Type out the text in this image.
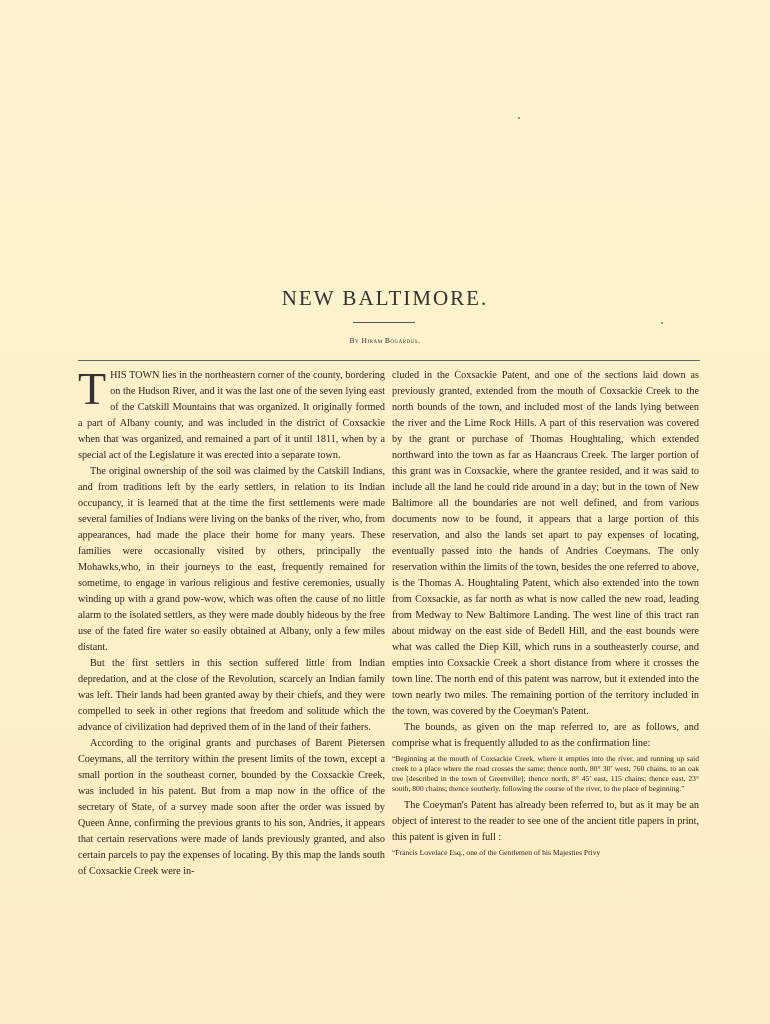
NEW BALTIMORE.
By Hiram Bogardus.

THIS TOWN lies in the northeastern corner of the county, bordering on the Hudson River, and it was the last one of the seven lying east of the Catskill Mountains that was organized. It originally formed a part of Albany county, and was included in the district of Coxsackie when that was organized, and remained a part of it until 1811, when by a special act of the Legislature it was erected into a separate town.

The original ownership of the soil was claimed by the Catskill Indians, and from traditions left by the early settlers, in relation to its Indian occupancy, it is learned that at the time the first settlements were made several families of Indians were living on the banks of the river, who, from appearances, had made the place their home for many years. These families were occasionally visited by others, principally the Mohawks,who, in their journeys to the east, frequently remained for sometime, to engage in various religious and festive ceremonies, usually winding up with a grand pow-wow, which was often the cause of no little alarm to the isolated settlers, as they were made doubly hideous by the free use of the fated fire water so easily obtained at Albany, only a few miles distant.

But the first settlers in this section suffered little from Indian depredation, and at the close of the Revolution, scarcely an Indian family was left. Their lands had been granted away by their chiefs, and they were compelled to seek in other regions that freedom and solitude which the advance of civilization had deprived them of in the land of their fathers.

According to the original grants and purchases of Barent Pietersen Coeymans, all the territory within the present limits of the town, except a small portion in the southeast corner, bounded by the Coxsackie Creek, was included in his patent. But from a map now in the office of the secretary of State, of a survey made soon after the order was issued by Queen Anne, confirming the previous grants to his son, Andries, it appears that certain reservations were made of lands previously granted, and also certain parcels to pay the expenses of locating. By this map the lands south of Coxsackie Creek were in-

cluded in the Coxsackie Patent, and one of the sections laid down as previously granted, extended from the mouth of Coxsackie Creek to the north bounds of the town, and included most of the lands lying between the river and the Lime Rock Hills. A part of this reservation was covered by the grant or purchase of Thomas Houghtaling, which extended northward into the town as far as Haancraus Creek. The larger portion of this grant was in Coxsackie, where the grantee resided, and it was said to include all the land he could ride around in a day; but in the town of New Baltimore all the boundaries are not well defined, and from various documents now to be found, it appears that a large portion of this reservation, and also the lands set apart to pay expenses of locating, eventually passed into the hands of Andries Coeymans. The only reservation within the limits of the town, besides the one referred to above, is the Thomas A. Houghtaling Patent, which also extended into the town from Coxsackie, as far north as what is now called the new road, leading from Medway to New Baltimore Landing. The west line of this tract ran about midway on the east side of Bedell Hill, and the east bounds were what was called the Diep Kill, which runs in a southeasterly course, and empties into Coxsackie Creek a short distance from where it crosses the town line. The north end of this patent was narrow, but it extended into the town nearly two miles. The remaining portion of the territory included in the town, was covered by the Coeyman's Patent.

The bounds, as given on the map referred to, are as follows, and comprise what is frequently alluded to as the confirmation line:

“Beginning at the mouth of Coxsackie Creek, where it empties into the river, and running up said creek to a place where the road crosses the same; thence north, 80° 30’ west, 760 chains, to an oak tree [described in the town of Greenville]; thence north, 8° 45’ east, 115 chains; thence east, 23° south, 800 chains; thence southerly, following the course of the river, to the place of beginning.”

The Coeyman's Patent has already been referred to, but as it may be an object of interest to the reader to see one of the ancient title papers in print, this patent is given in full :

“Francis Lovelace Esq., one of the Gentlemen of his Majesties Privy
